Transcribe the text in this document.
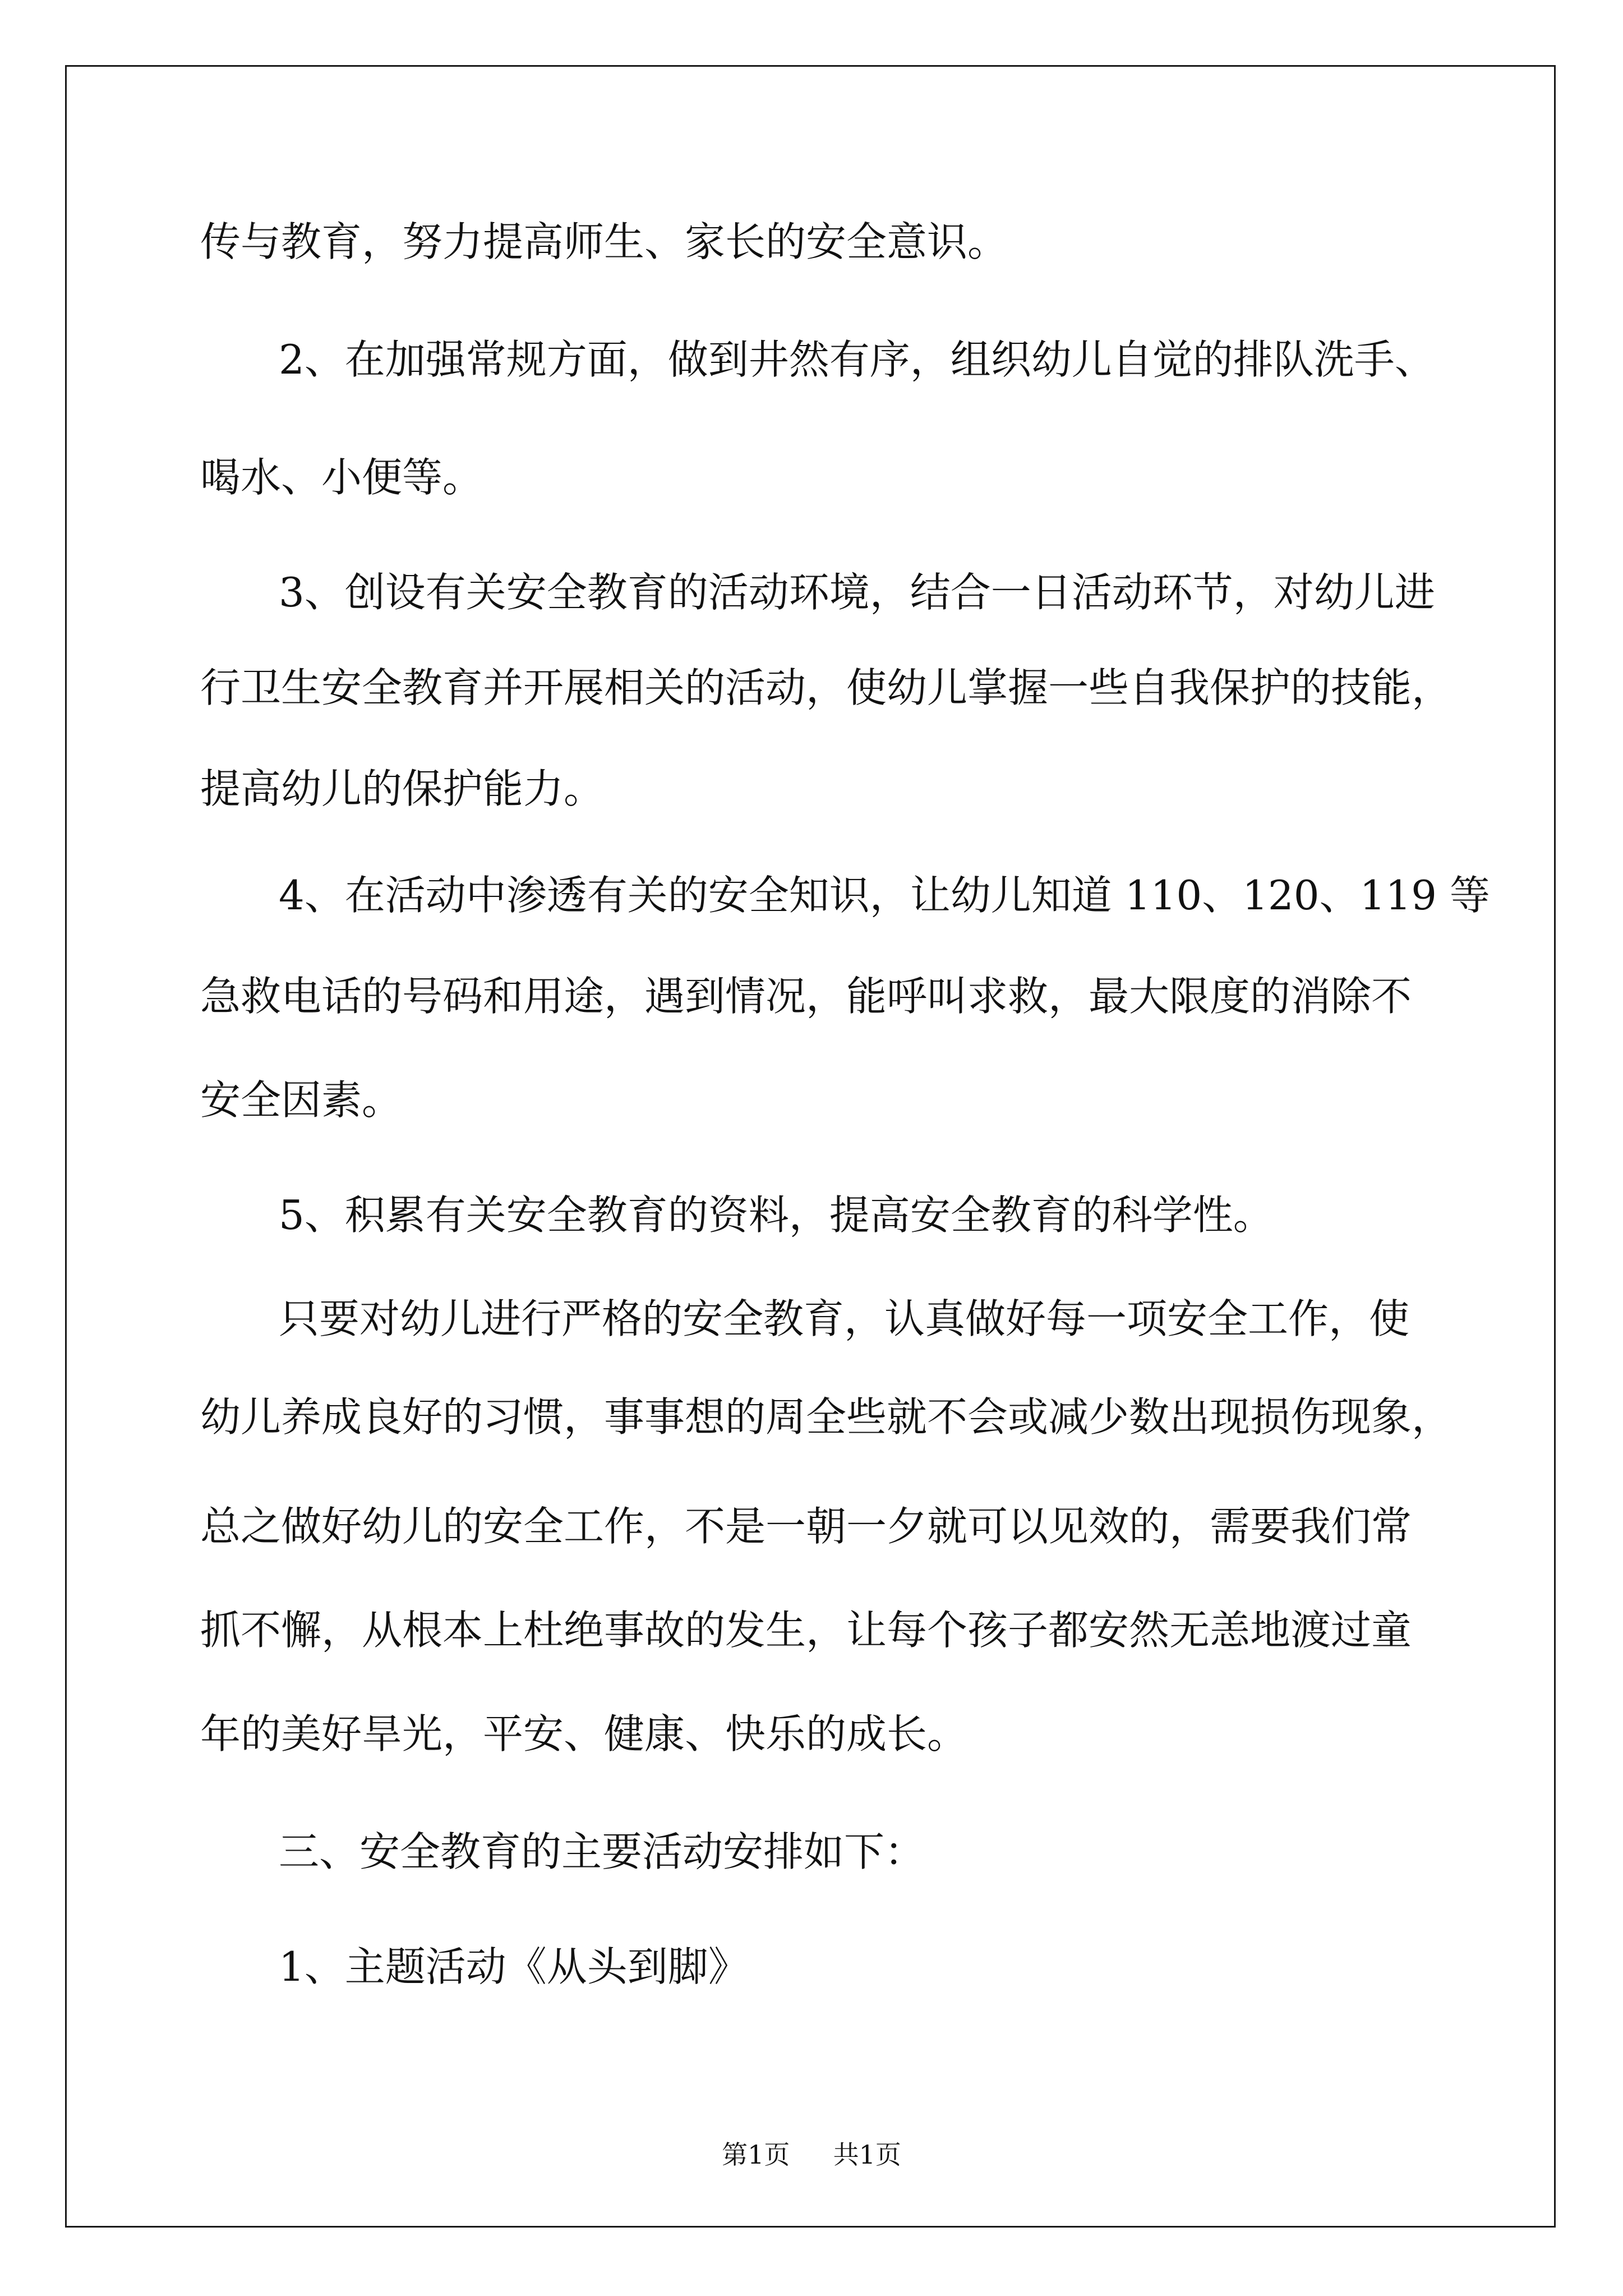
传与教育，努力提高师生、家长的安全意识。
2、在加强常规方面，做到井然有序，组织幼儿自觉的排队洗手、
喝水、小便等。
3、创设有关安全教育的活动环境，结合一日活动环节，对幼儿进
行卫生安全教育并开展相关的活动，使幼儿掌握一些自我保护的技能，
提高幼儿的保护能力。
4、在活动中渗透有关的安全知识，让幼儿知道 110、120、119 等
急救电话的号码和用途，遇到情况，能呼叫求救，最大限度的消除不
安全因素。
5、积累有关安全教育的资料，提高安全教育的科学性。
只要对幼儿进行严格的安全教育，认真做好每一项安全工作，使
幼儿养成良好的习惯，事事想的周全些就不会或减少数出现损伤现象，
总之做好幼儿的安全工作，不是一朝一夕就可以见效的，需要我们常
抓不懈，从根本上杜绝事故的发生，让每个孩子都安然无恙地渡过童
年的美好旱光，平安、健康、快乐的成长。
三、安全教育的主要活动安排如下：
1、主题活动《从头到脚》
第1页 共1页
